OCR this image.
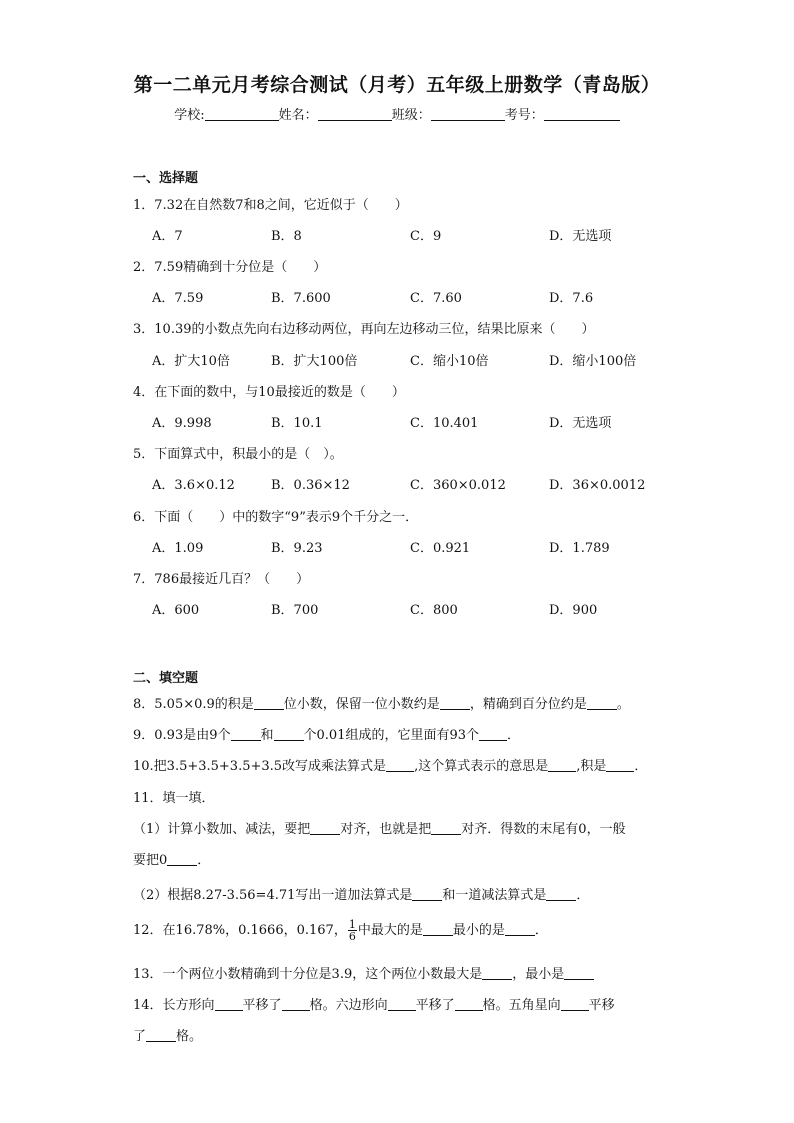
第一二单元月考综合测试（月考）五年级上册数学（青岛版）
学校:	姓名：	班级：	考号：
一、选择题
1．7.32在自然数7和8之间，它近似于（　　）
A．7	B．8	C．9	D．无选项
2．7.59精确到十分位是（　　）
A．7.59	B．7.600	C．7.60	D．7.6
3．10.39的小数点先向右边移动两位，再向左边移动三位，结果比原来（　　）
A．扩大10倍	B．扩大100倍	C．缩小10倍	D．缩小100倍
4．在下面的数中，与10最接近的数是（　　）
A．9.998	B．10.1	C．10.401	D．无选项
5．下面算式中，积最小的是（　）。
A．3.6×0.12	B．0.36×12	C．360×0.012	D．36×0.0012
6．下面（　　）中的数字“9”表示9个千分之一．
A．1.09	B．9.23	C．0.921	D．1.789
7．786最接近几百？（　　）
A．600	B．700	C．800	D．900
二、填空题
8．5.05×0.9的积是 位小数，保留一位小数约是 ，精确到百分位约是 。
9．0.93是由9个 和 个0.01组成的，它里面有93个 ．
10.把3.5+3.5+3.5+3.5改写成乘法算式是 ,这个算式表示的意思是 ,积是 ．
11．填一填．
（1）计算小数加、减法，要把 对齐，也就是把 对齐．得数的末尾有0，一般
要把0 ．
（2）根据8.27-3.56=4.71写出一道加法算式是 和一道减法算式是 ．
12．在16.78%，0.1666，0.167， $\frac{1}{6}$ 中最大的是 最小的是 ．
13．一个两位小数精确到十分位是3.9，这个两位小数最大是 ，最小是
14．长方形向 平移了 格。六边形向 平移了 格。五角星向 平移
了 格。
